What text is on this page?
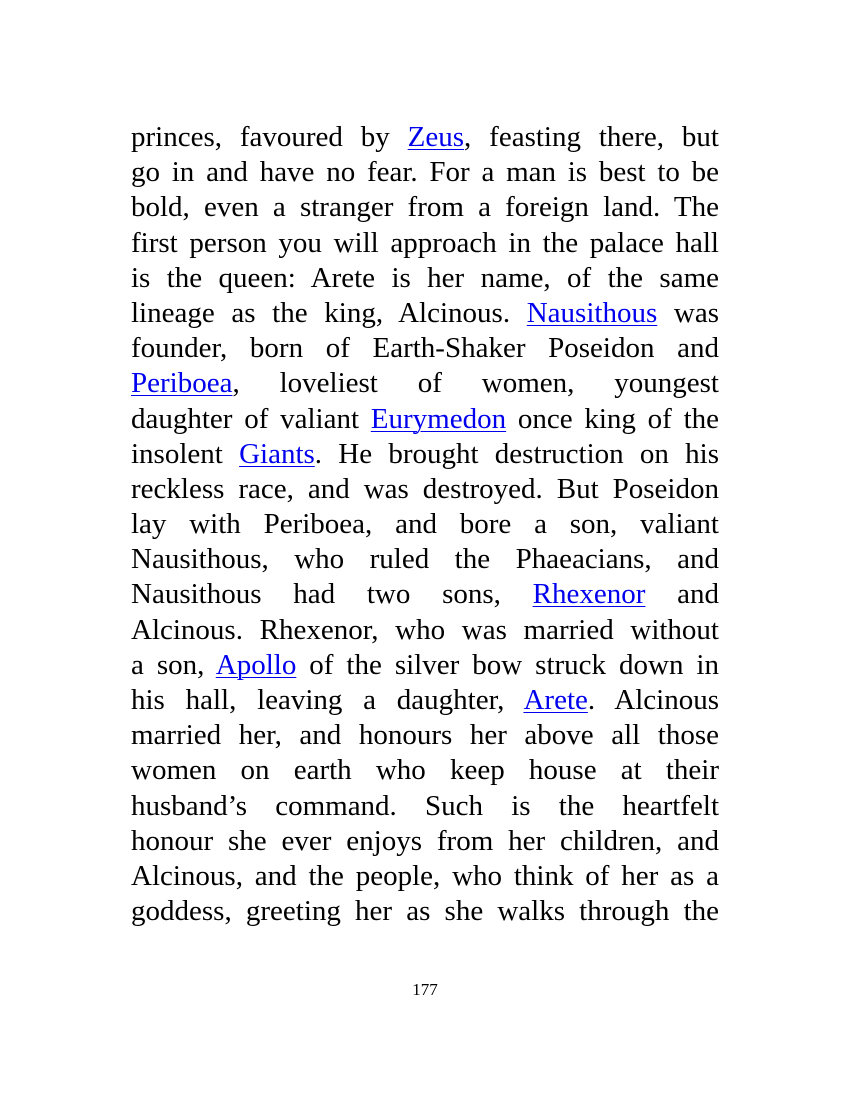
princes, favoured by Zeus, feasting there, but
go in and have no fear. For a man is best to be
bold, even a stranger from a foreign land. The
first person you will approach in the palace hall
is the queen: Arete is her name, of the same
lineage as the king, Alcinous. Nausithous was
founder, born of Earth-Shaker Poseidon and
Periboea, loveliest of women, youngest
daughter of valiant Eurymedon once king of the
insolent Giants. He brought destruction on his
reckless race, and was destroyed. But Poseidon
lay with Periboea, and bore a son, valiant
Nausithous, who ruled the Phaeacians, and
Nausithous had two sons, Rhexenor and
Alcinous. Rhexenor, who was married without
a son, Apollo of the silver bow struck down in
his hall, leaving a daughter, Arete. Alcinous
married her, and honours her above all those
women on earth who keep house at their
husband’s command. Such is the heartfelt
honour she ever enjoys from her children, and
Alcinous, and the people, who think of her as a
goddess, greeting her as she walks through the
177
